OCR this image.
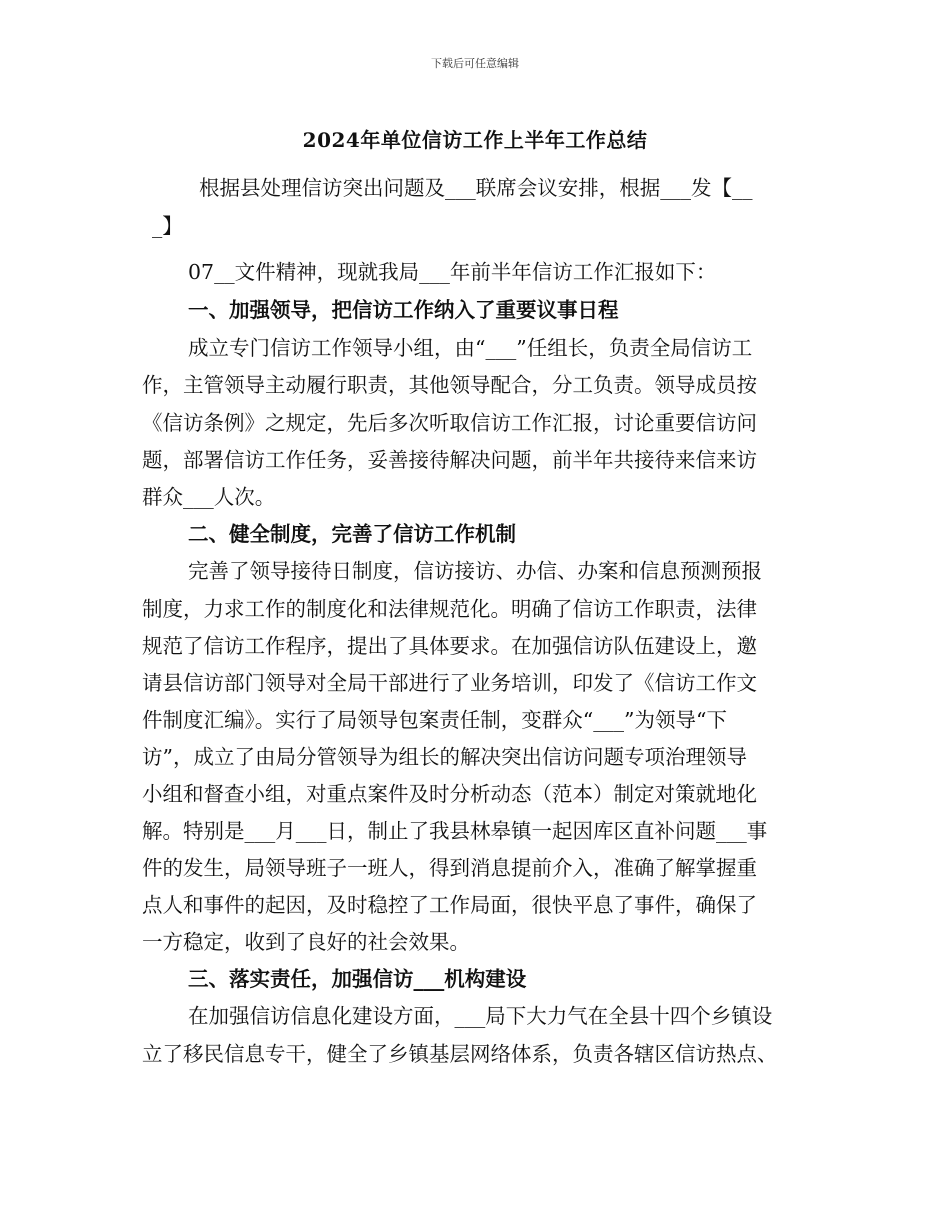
下载后可任意编辑
2024年单位信访工作上半年工作总结
根据县处理信访突出问题及___联席会议安排，根据___发【__
_】
07__文件精神，现就我局___年前半年信访工作汇报如下：
一、加强领导，把信访工作纳入了重要议事日程
成立专门信访工作领导小组，由“___”任组长，负责全局信访工
作，主管领导主动履行职责，其他领导配合，分工负责。领导成员按
《信访条例》之规定，先后多次听取信访工作汇报，讨论重要信访问
题，部署信访工作任务，妥善接待解决问题，前半年共接待来信来访
群众___人次。
二、健全制度，完善了信访工作机制
完善了领导接待日制度，信访接访、办信、办案和信息预测预报
制度，力求工作的制度化和法律规范化。明确了信访工作职责，法律
规范了信访工作程序，提出了具体要求。在加强信访队伍建设上，邀
请县信访部门领导对全局干部进行了业务培训，印发了《信访工作文
件制度汇编》。实行了局领导包案责任制，变群众“___”为领导“下
访”，成立了由局分管领导为组长的解决突出信访问题专项治理领导
小组和督查小组，对重点案件及时分析动态（范本）制定对策就地化
解。特别是___月___日，制止了我县林皋镇一起因库区直补问题___事
件的发生，局领导班子一班人，得到消息提前介入，准确了解掌握重
点人和事件的起因，及时稳控了工作局面，很快平息了事件，确保了
一方稳定，收到了良好的社会效果。
三、落实责任，加强信访___机构建设
在加强信访信息化建设方面，___局下大力气在全县十四个乡镇设
立了移民信息专干，健全了乡镇基层网络体系，负责各辖区信访热点、
